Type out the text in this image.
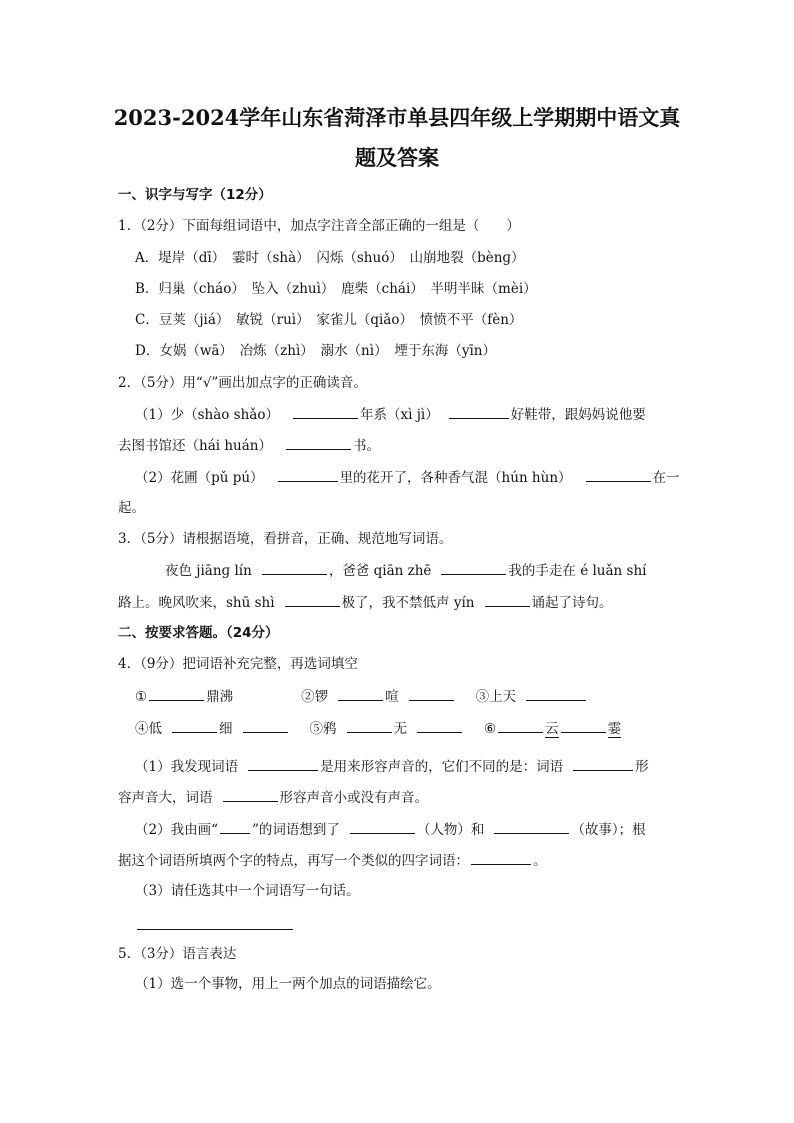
2023-2024学年山东省菏泽市单县四年级上学期期中语文真
题及答案
一、识字与写字（12分）
1．（2分）下面每组词语中，加点字注音全部正确的一组是（　　）
A．堤岸（dī）　霎时（shà）　闪烁（shuó）　山崩地裂（bènɡ）
B．归巢（cháo）　坠入（zhuì）　鹿柴（chái）　半明半昧（mèi）
C．豆荚（jiá）　敏锐（ruì）　家雀儿（qiǎo）　愤愤不平（fèn）
D．女娲（wā）　冶炼（zhì）　溺水（nì）　堙于东海（yīn）
2．（5分）用“√”画出加点字的正确读音。
（1）少（shào shǎo）	年系（xì jì）	好鞋带，跟妈妈说他要
去图书馆还（hái huán）	书。
（2）花圃（pǔ pú）	里的花开了，各种香气混（hún hùn）	在一
起。
3．（5分）请根据语境，看拼音，正确、规范地写词语。
夜色 jiānɡ lín	，爸爸 qiān zhē	我的手走在 é luǎn shí
路上。晚风吹来，shū shì	极了，我不禁低声 yín	诵起了诗句。
二、按要求答题。（24分）
4．（9分）把词语补充完整，再选词填空
①	鼎沸	②锣	喧	③上天
④低	细	⑤鸦	无	⑥	云	霎
（1）我发现词语	是用来形容声音的，它们不同的是：词语	形
容声音大，词语	形容声音小或没有声音。
（2）我由画“	”的词语想到了	（人物）和	（故事）；根
据这个词语所填两个字的特点，再写一个类似的四字词语：	。
（3）请任选其中一个词语写一句话。
5．（3分）语言表达
（1）选一个事物，用上一两个加点的词语描绘它。
